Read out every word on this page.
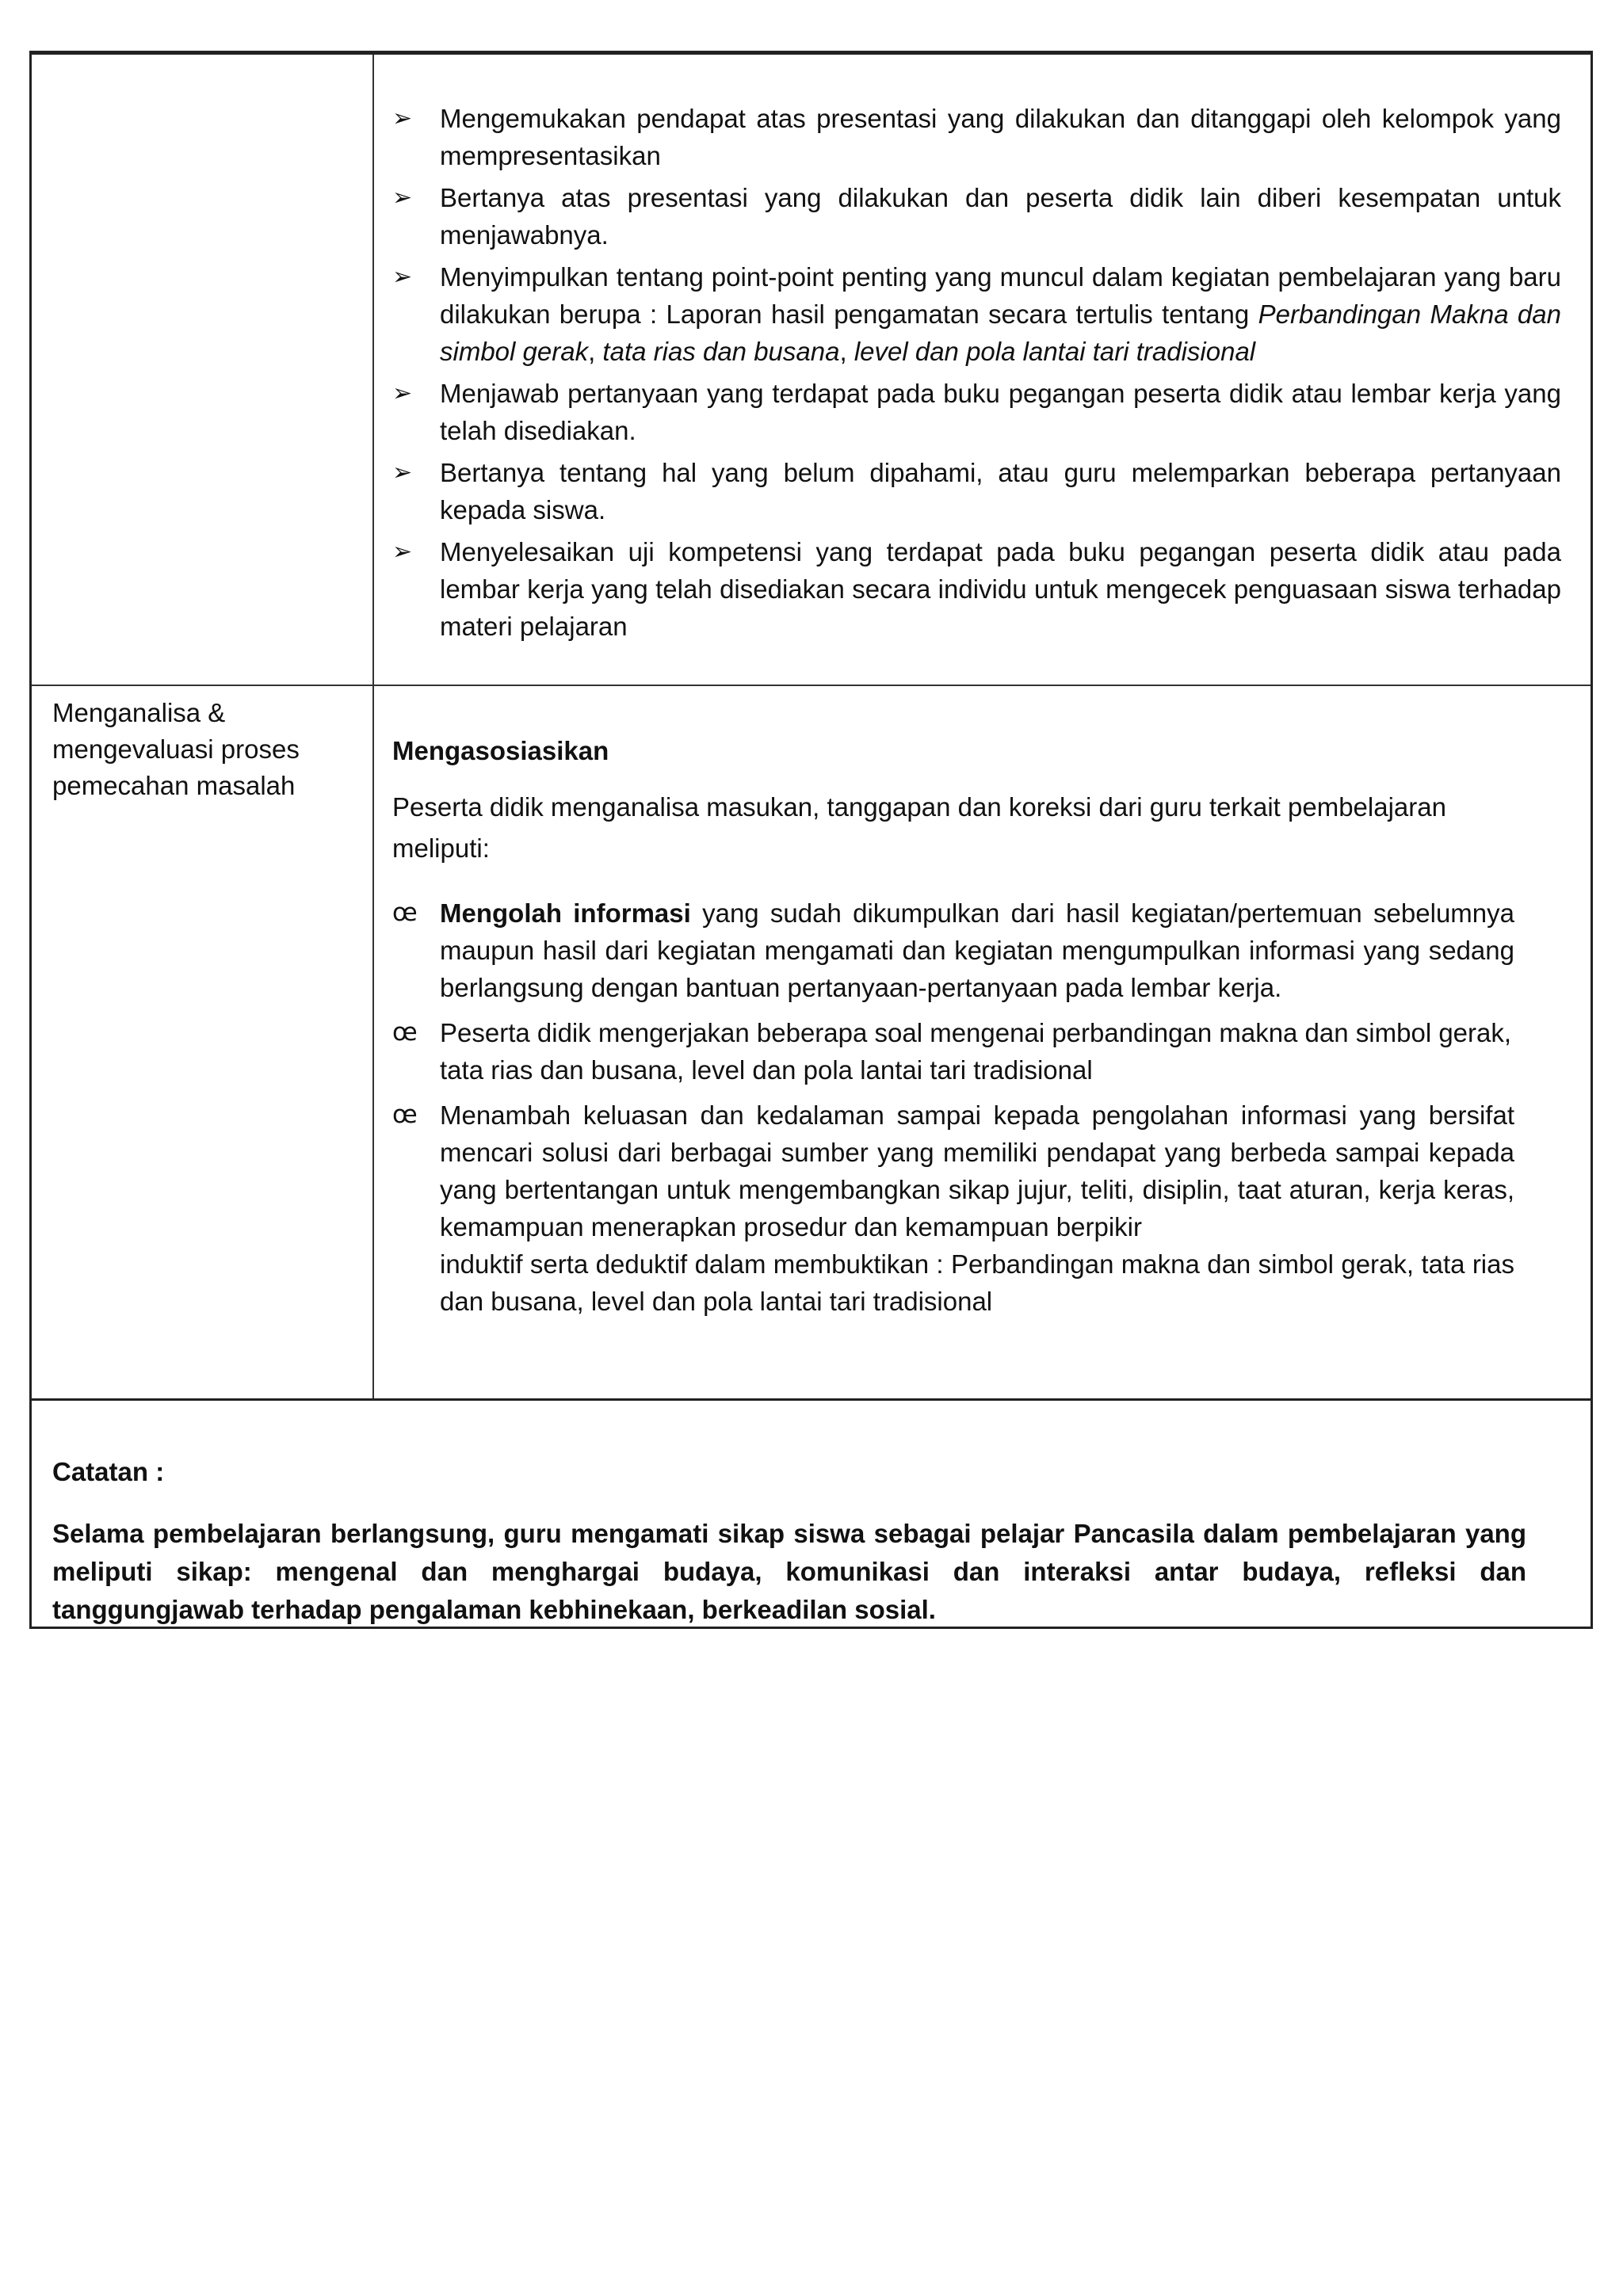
➢	Mengemukakan pendapat atas presentasi yang dilakukan dan ditanggapi oleh kelompok yang mempresentasikan
➢	Bertanya atas presentasi yang dilakukan dan peserta didik lain diberi kesempatan untuk menjawabnya.
➢	Menyimpulkan tentang point-point penting yang muncul dalam kegiatan pembelajaran yang baru dilakukan berupa : Laporan hasil pengamatan secara tertulis tentang Perbandingan Makna dan simbol gerak, tata rias dan busana, level dan pola lantai tari tradisional
➢	Menjawab pertanyaan yang terdapat pada buku pegangan peserta didik atau lembar kerja yang telah disediakan.
➢	Bertanya tentang hal yang belum dipahami, atau guru melemparkan beberapa pertanyaan kepada siswa.
➢	Menyelesaikan uji kompetensi yang terdapat pada buku pegangan peserta didik atau pada lembar kerja yang telah disediakan secara individu untuk mengecek penguasaan siswa terhadap materi pelajaran
Menganalisa & mengevaluasi proses pemecahan masalah
Mengasosiasikan
Peserta didik menganalisa masukan, tanggapan dan koreksi dari guru terkait pembelajaran meliputi:
œ Mengolah informasi yang sudah dikumpulkan dari hasil kegiatan/pertemuan sebelumnya maupun hasil dari kegiatan mengamati dan kegiatan mengumpulkan informasi yang sedang berlangsung dengan bantuan pertanyaan-pertanyaan pada lembar kerja.
œ Peserta didik mengerjakan beberapa soal mengenai perbandingan makna dan simbol gerak, tata rias dan busana, level dan pola lantai tari tradisional
œ Menambah keluasan dan kedalaman sampai kepada pengolahan informasi yang bersifat mencari solusi dari berbagai sumber yang memiliki pendapat yang berbeda sampai kepada yang bertentangan untuk mengembangkan sikap jujur, teliti, disiplin, taat aturan, kerja keras, kemampuan menerapkan prosedur dan kemampuan berpikir
induktif serta deduktif dalam membuktikan : Perbandingan makna dan simbol gerak, tata rias dan busana, level dan pola lantai tari tradisional

Catatan :

Selama pembelajaran berlangsung, guru mengamati sikap siswa sebagai pelajar Pancasila dalam pembelajaran yang meliputi sikap: mengenal dan menghargai budaya, komunikasi dan interaksi antar budaya, refleksi dan tanggungjawab terhadap pengalaman kebhinekaan, berkeadilan sosial.
